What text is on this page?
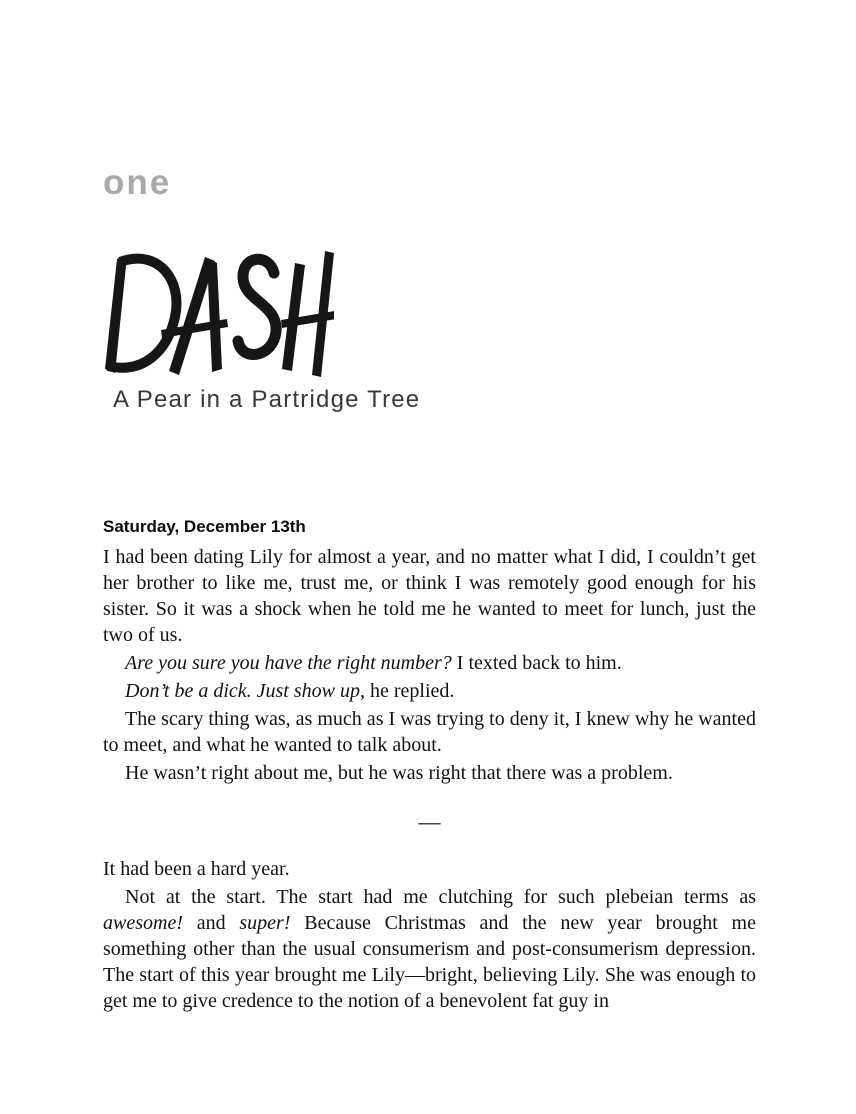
one
A Pear in a Partridge Tree

Saturday, December 13th

I had been dating Lily for almost a year, and no matter what I did, I couldn’t get her brother to like me, trust me, or think I was remotely good enough for his sister. So it was a shock when he told me he wanted to meet for lunch, just the two of us.

Are you sure you have the right number? I texted back to him.

Don’t be a dick. Just show up, he replied.

The scary thing was, as much as I was trying to deny it, I knew why he wanted to meet, and what he wanted to talk about.

He wasn’t right about me, but he was right that there was a problem.

—

It had been a hard year.

Not at the start. The start had me clutching for such plebeian terms as awesome! and super! Because Christmas and the new year brought me something other than the usual consumerism and post-consumerism depression. The start of this year brought me Lily—bright, believing Lily. She was enough to get me to give credence to the notion of a benevolent fat guy in
